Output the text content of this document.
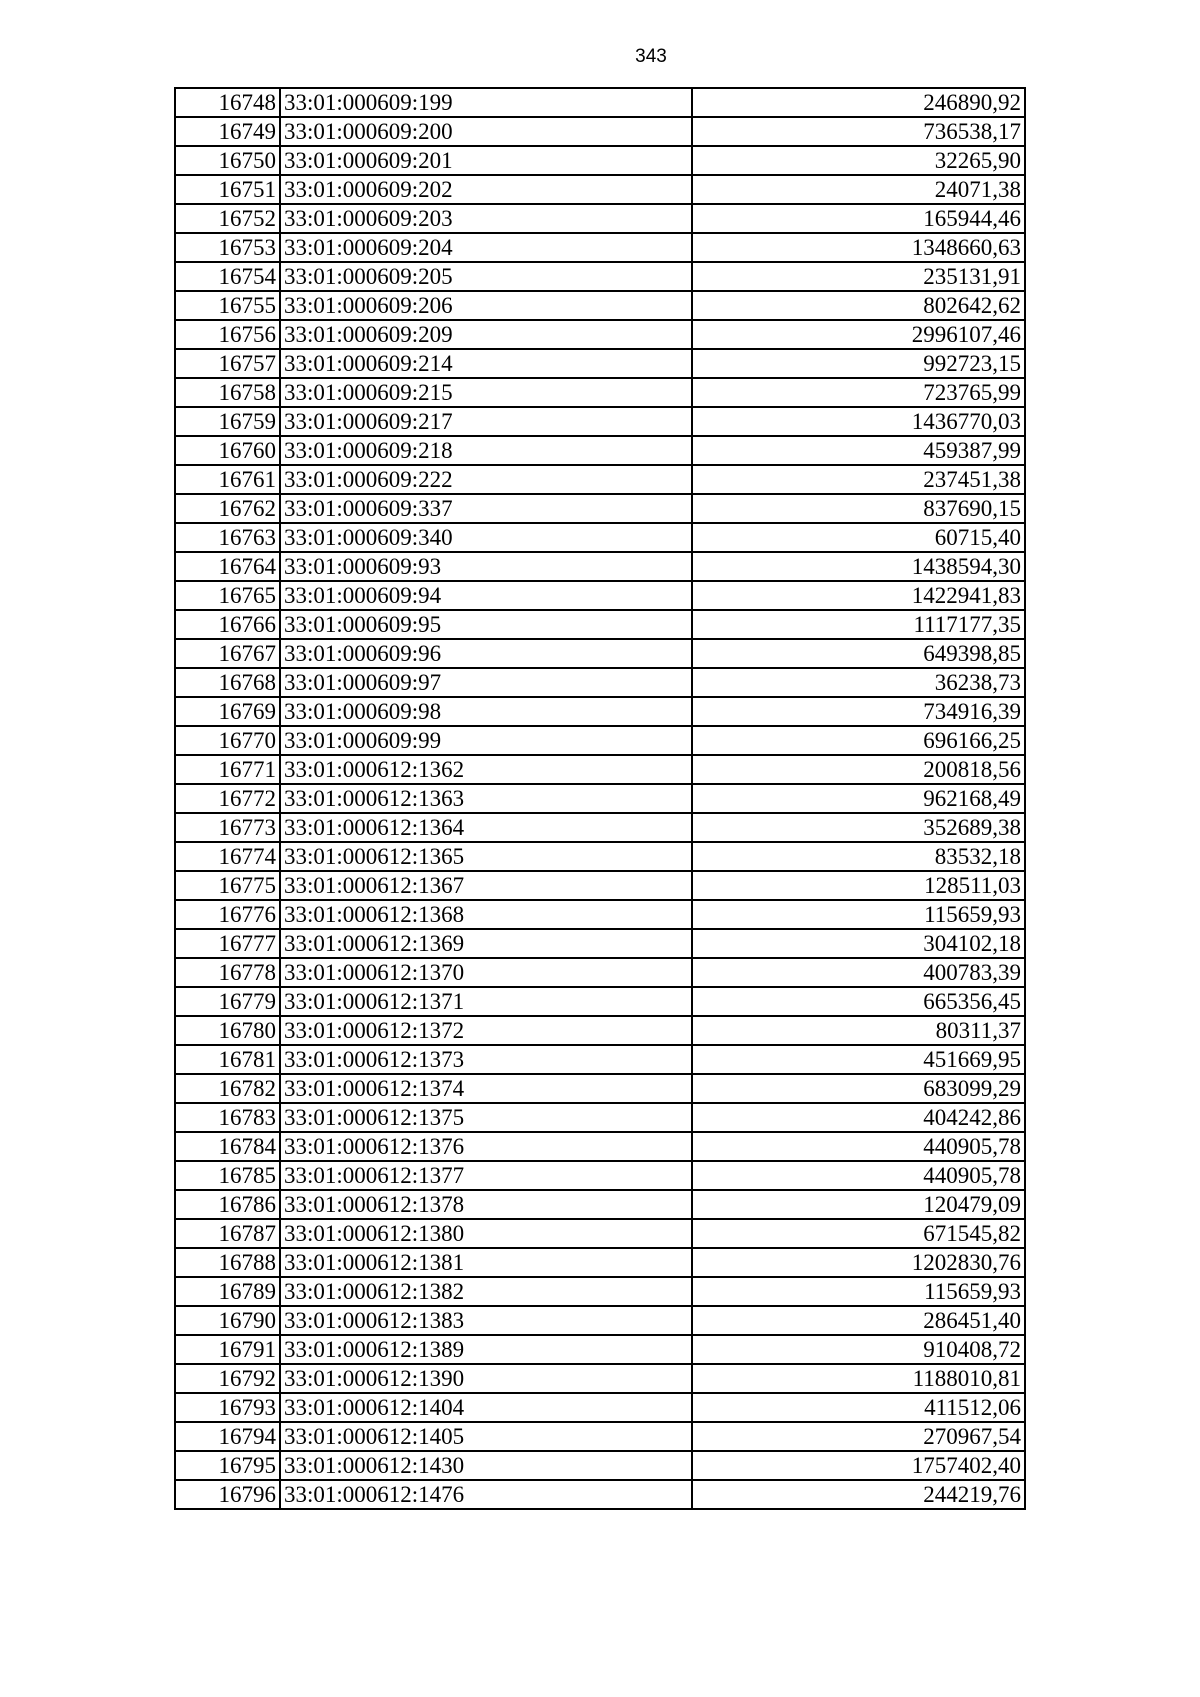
343
16748	33:01:000609:199	246890,92
16749	33:01:000609:200	736538,17
16750	33:01:000609:201	32265,90
16751	33:01:000609:202	24071,38
16752	33:01:000609:203	165944,46
16753	33:01:000609:204	1348660,63
16754	33:01:000609:205	235131,91
16755	33:01:000609:206	802642,62
16756	33:01:000609:209	2996107,46
16757	33:01:000609:214	992723,15
16758	33:01:000609:215	723765,99
16759	33:01:000609:217	1436770,03
16760	33:01:000609:218	459387,99
16761	33:01:000609:222	237451,38
16762	33:01:000609:337	837690,15
16763	33:01:000609:340	60715,40
16764	33:01:000609:93	1438594,30
16765	33:01:000609:94	1422941,83
16766	33:01:000609:95	1117177,35
16767	33:01:000609:96	649398,85
16768	33:01:000609:97	36238,73
16769	33:01:000609:98	734916,39
16770	33:01:000609:99	696166,25
16771	33:01:000612:1362	200818,56
16772	33:01:000612:1363	962168,49
16773	33:01:000612:1364	352689,38
16774	33:01:000612:1365	83532,18
16775	33:01:000612:1367	128511,03
16776	33:01:000612:1368	115659,93
16777	33:01:000612:1369	304102,18
16778	33:01:000612:1370	400783,39
16779	33:01:000612:1371	665356,45
16780	33:01:000612:1372	80311,37
16781	33:01:000612:1373	451669,95
16782	33:01:000612:1374	683099,29
16783	33:01:000612:1375	404242,86
16784	33:01:000612:1376	440905,78
16785	33:01:000612:1377	440905,78
16786	33:01:000612:1378	120479,09
16787	33:01:000612:1380	671545,82
16788	33:01:000612:1381	1202830,76
16789	33:01:000612:1382	115659,93
16790	33:01:000612:1383	286451,40
16791	33:01:000612:1389	910408,72
16792	33:01:000612:1390	1188010,81
16793	33:01:000612:1404	411512,06
16794	33:01:000612:1405	270967,54
16795	33:01:000612:1430	1757402,40
16796	33:01:000612:1476	244219,76
